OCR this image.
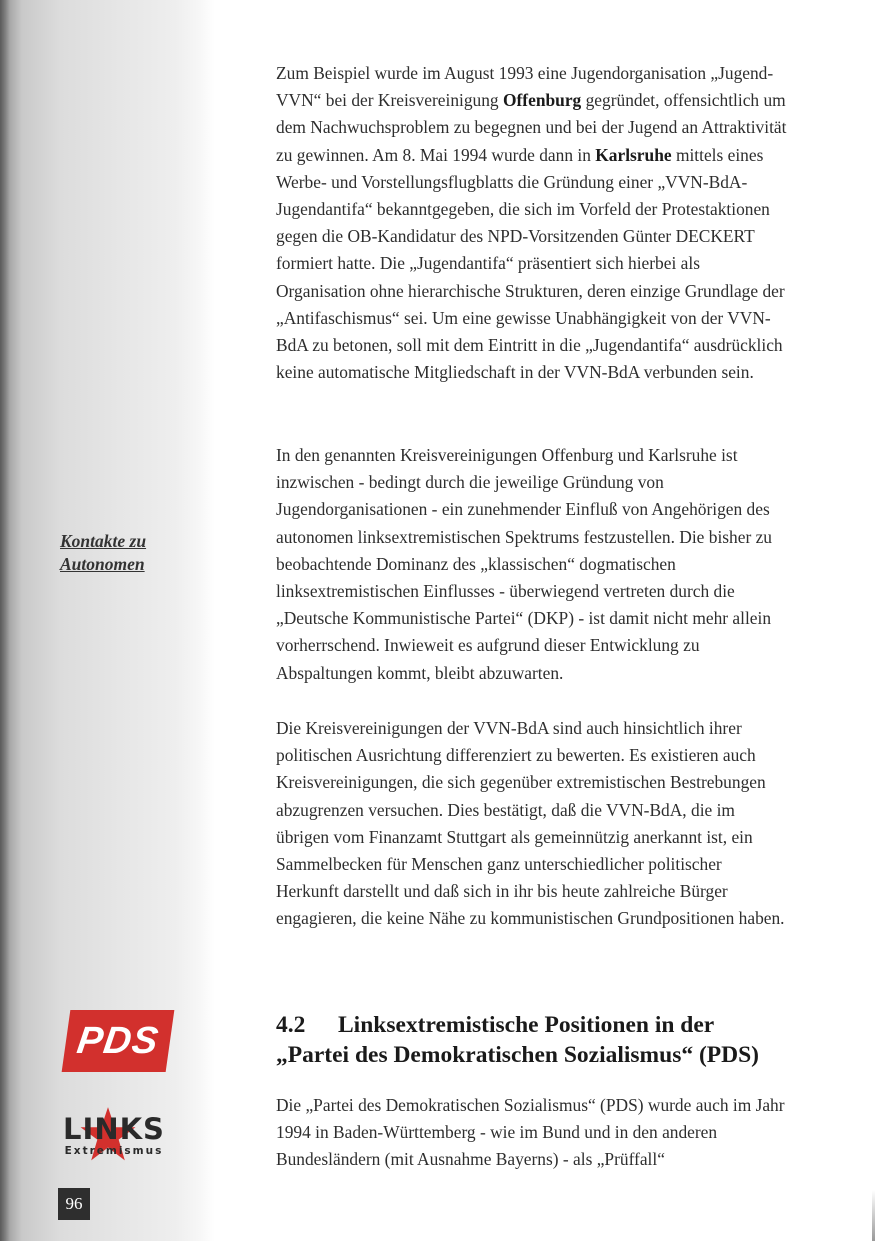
Kontakte zu Autonomen
PDS
LINKS
Extremismus
96

Zum Beispiel wurde im August 1993 eine Jugendorganisation „Jugend-VVN“ bei der Kreisvereinigung Offenburg gegründet, offensichtlich um dem Nachwuchsproblem zu begegnen und bei der Jugend an Attraktivität zu gewinnen. Am 8. Mai 1994 wurde dann in Karlsruhe mittels eines Werbe- und Vorstellungsflugblatts die Gründung einer „VVN-BdA-Jugendantifa“ bekanntgegeben, die sich im Vorfeld der Protestaktionen gegen die OB-Kandidatur des NPD-Vorsitzenden Günter DECKERT formiert hatte. Die „Jugendantifa“ präsentiert sich hierbei als Organisation ohne hierarchische Strukturen, deren einzige Grundlage der „Antifaschismus“ sei. Um eine gewisse Unabhängigkeit von der VVN-BdA zu betonen, soll mit dem Eintritt in die „Jugendantifa“ ausdrücklich keine automatische Mitgliedschaft in der VVN-BdA verbunden sein.

In den genannten Kreisvereinigungen Offenburg und Karlsruhe ist inzwischen - bedingt durch die jeweilige Gründung von Jugendorganisationen - ein zunehmender Einfluß von Angehörigen des autonomen linksextremistischen Spektrums festzustellen. Die bisher zu beobachtende Dominanz des „klassischen“ dogmatischen linksextremistischen Einflusses - überwiegend vertreten durch die „Deutsche Kommunistische Partei“ (DKP) - ist damit nicht mehr allein vorherrschend. Inwieweit es aufgrund dieser Entwicklung zu Abspaltungen kommt, bleibt abzuwarten.

Die Kreisvereinigungen der VVN-BdA sind auch hinsichtlich ihrer politischen Ausrichtung differenziert zu bewerten. Es existieren auch Kreisvereinigungen, die sich gegenüber extremistischen Bestrebungen abzugrenzen versuchen. Dies bestätigt, daß die VVN-BdA, die im übrigen vom Finanzamt Stuttgart als gemeinnützig anerkannt ist, ein Sammelbecken für Menschen ganz unterschiedlicher politischer Herkunft darstellt und daß sich in ihr bis heute zahlreiche Bürger engagieren, die keine Nähe zu kommunistischen Grundpositionen haben.

4.2 Linksextremistische Positionen in der „Partei des Demokratischen Sozialismus“ (PDS)

Die „Partei des Demokratischen Sozialismus“ (PDS) wurde auch im Jahr 1994 in Baden-Württemberg - wie im Bund und in den anderen Bundesländern (mit Ausnahme Bayerns) - als „Prüffall“
